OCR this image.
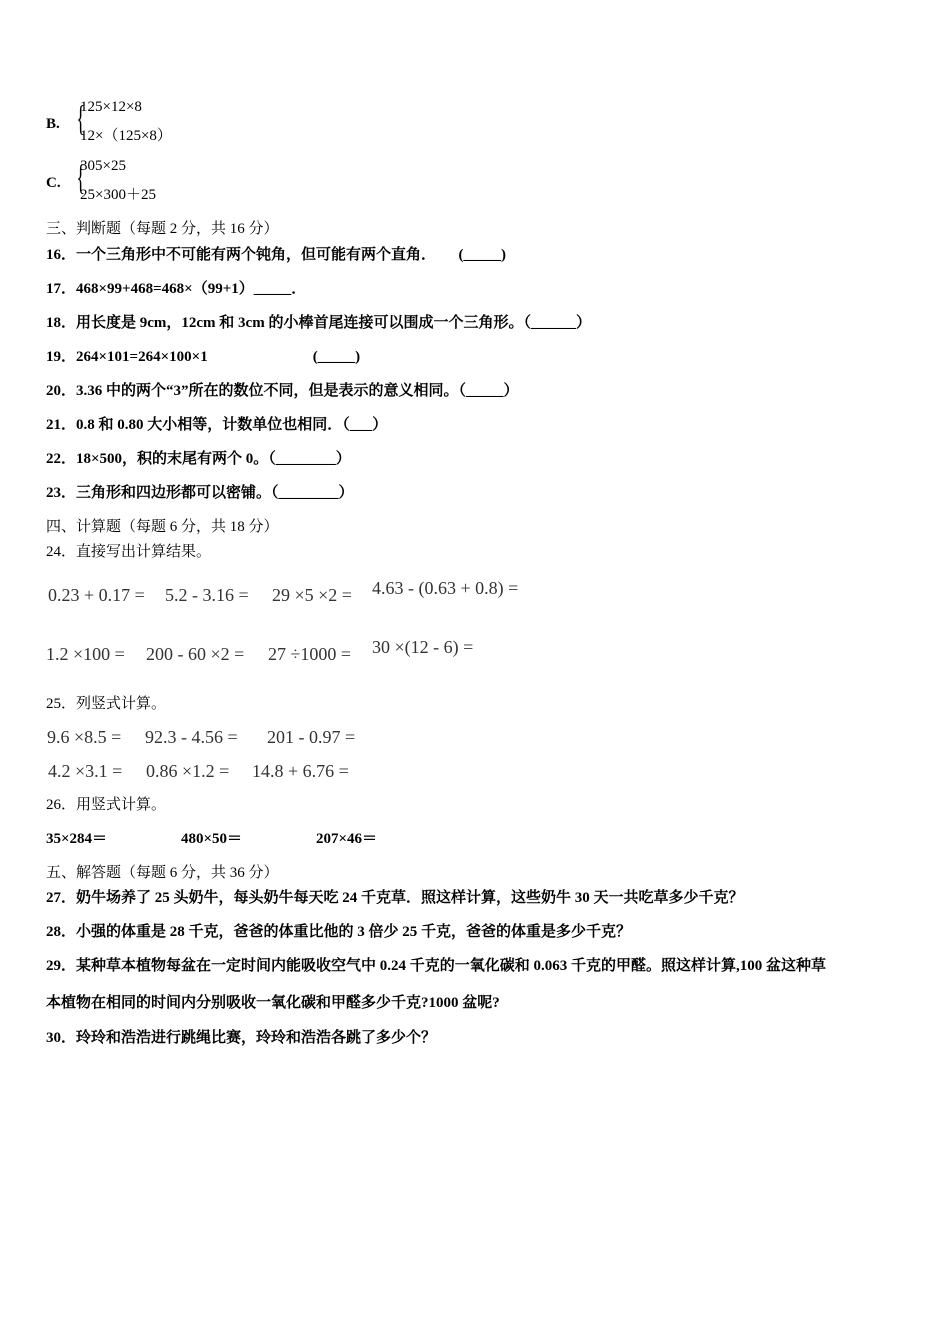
B. {
125×12×8
12×（125×8）
C. {
305×25
25×300＋25
三、判断题（每题 2 分，共 16 分）
16．一个三角形中不可能有两个钝角，但可能有两个直角．　　(_____)
17．468×99+468=468×（99+1）_____．
18．用长度是 9cm，12cm 和 3cm 的小棒首尾连接可以围成一个三角形。（______）
19．264×101=264×100×1　　　　　　　(_____)
20．3.36 中的两个“3”所在的数位不同，但是表示的意义相同。（_____）
21．0.8 和 0.80 大小相等，计数单位也相同．（___）
22．18×500，积的末尾有两个 0。（________）
23．三角形和四边形都可以密铺。（________）
四、计算题（每题 6 分，共 18 分）
24．直接写出计算结果。
0.23 + 0.17 = 5.2 - 3.16 = 29 ×5 ×2 = 4.63 - (0.63 + 0.8) =
1.2 ×100 = 200 - 60 ×2 = 27 ÷1000 = 30 ×(12 - 6) =
25．列竖式计算。
9.6 ×8.5 = 92.3 - 4.56 = 201 - 0.97 =
4.2 ×3.1 = 0.86 ×1.2 = 14.8 + 6.76 =
26．用竖式计算。
35×284＝	480×50＝	207×46＝
五、解答题（每题 6 分，共 36 分）
27．奶牛场养了 25 头奶牛，每头奶牛每天吃 24 千克草．照这样计算，这些奶牛 30 天一共吃草多少千克？
28．小强的体重是 28 千克，爸爸的体重比他的 3 倍少 25 千克，爸爸的体重是多少千克？
29．某种草本植物每盆在一定时间内能吸收空气中 0.24 千克的一氧化碳和 0.063 千克的甲醛。照这样计算,100 盆这种草
本植物在相同的时间内分别吸收一氧化碳和甲醛多少千克?1000 盆呢?
30．玲玲和浩浩进行跳绳比赛，玲玲和浩浩各跳了多少个？
